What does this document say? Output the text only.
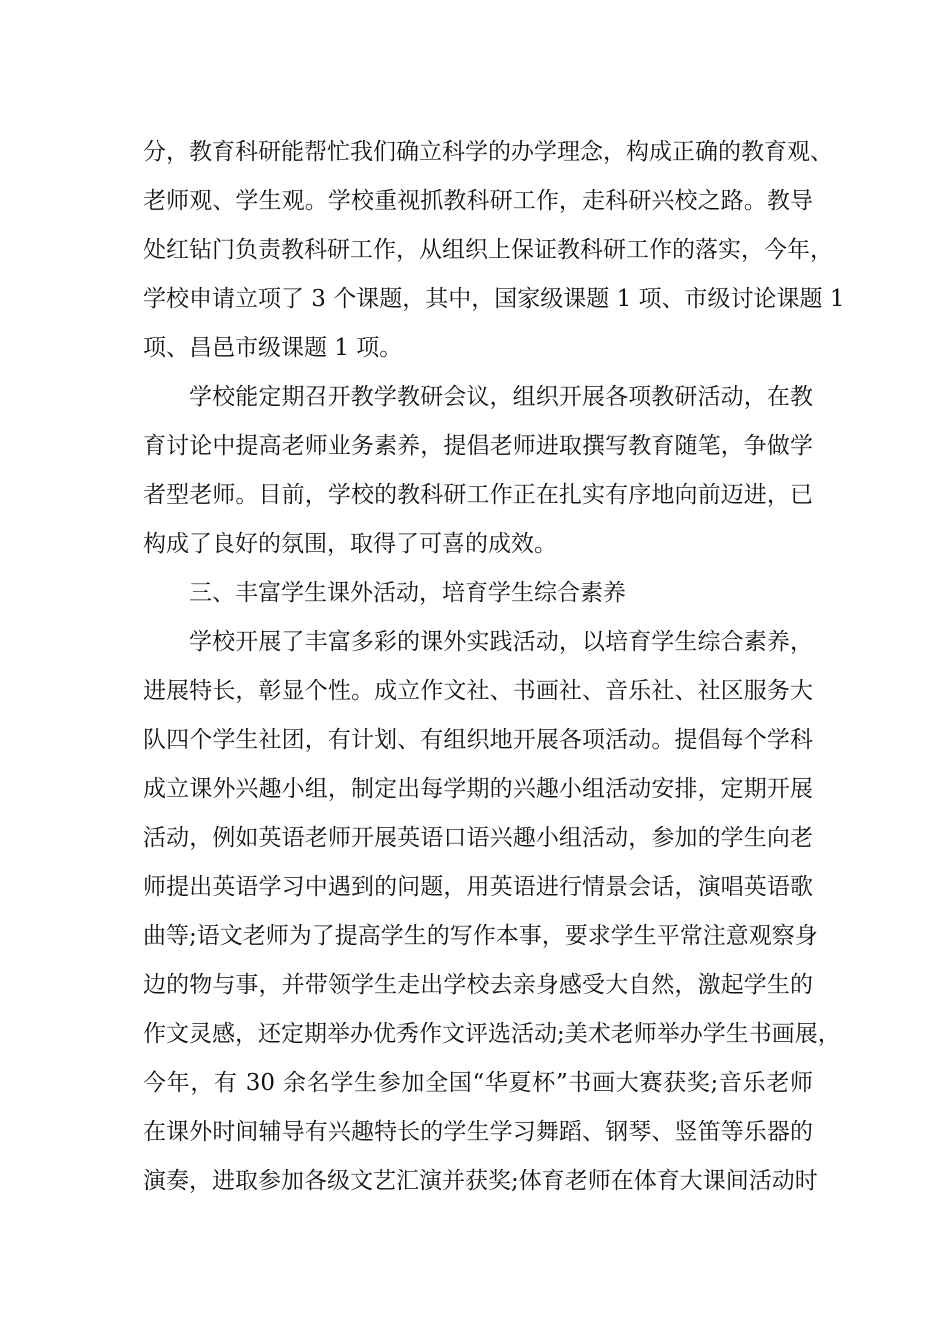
分，教育科研能帮忙我们确立科学的办学理念，构成正确的教育观、
老师观、学生观。学校重视抓教科研工作，走科研兴校之路。教导
处红钻门负责教科研工作，从组织上保证教科研工作的落实，今年，
学校申请立项了 3 个课题，其中，国家级课题 1 项、市级讨论课题 1
项、昌邑市级课题 1 项。
学校能定期召开教学教研会议，组织开展各项教研活动，在教
育讨论中提高老师业务素养，提倡老师进取撰写教育随笔，争做学
者型老师。目前，学校的教科研工作正在扎实有序地向前迈进，已
构成了良好的氛围，取得了可喜的成效。
三、丰富学生课外活动，培育学生综合素养
学校开展了丰富多彩的课外实践活动，以培育学生综合素养，
进展特长，彰显个性。成立作文社、书画社、音乐社、社区服务大
队四个学生社团，有计划、有组织地开展各项活动。提倡每个学科
成立课外兴趣小组，制定出每学期的兴趣小组活动安排，定期开展
活动，例如英语老师开展英语口语兴趣小组活动，参加的学生向老
师提出英语学习中遇到的问题，用英语进行情景会话，演唱英语歌
曲等;语文老师为了提高学生的写作本事，要求学生平常注意观察身
边的物与事，并带领学生走出学校去亲身感受大自然，激起学生的
作文灵感，还定期举办优秀作文评选活动;美术老师举办学生书画展，
今年，有 30 余名学生参加全国“华夏杯”书画大赛获奖;音乐老师
在课外时间辅导有兴趣特长的学生学习舞蹈、钢琴、竖笛等乐器的
演奏，进取参加各级文艺汇演并获奖;体育老师在体育大课间活动时
